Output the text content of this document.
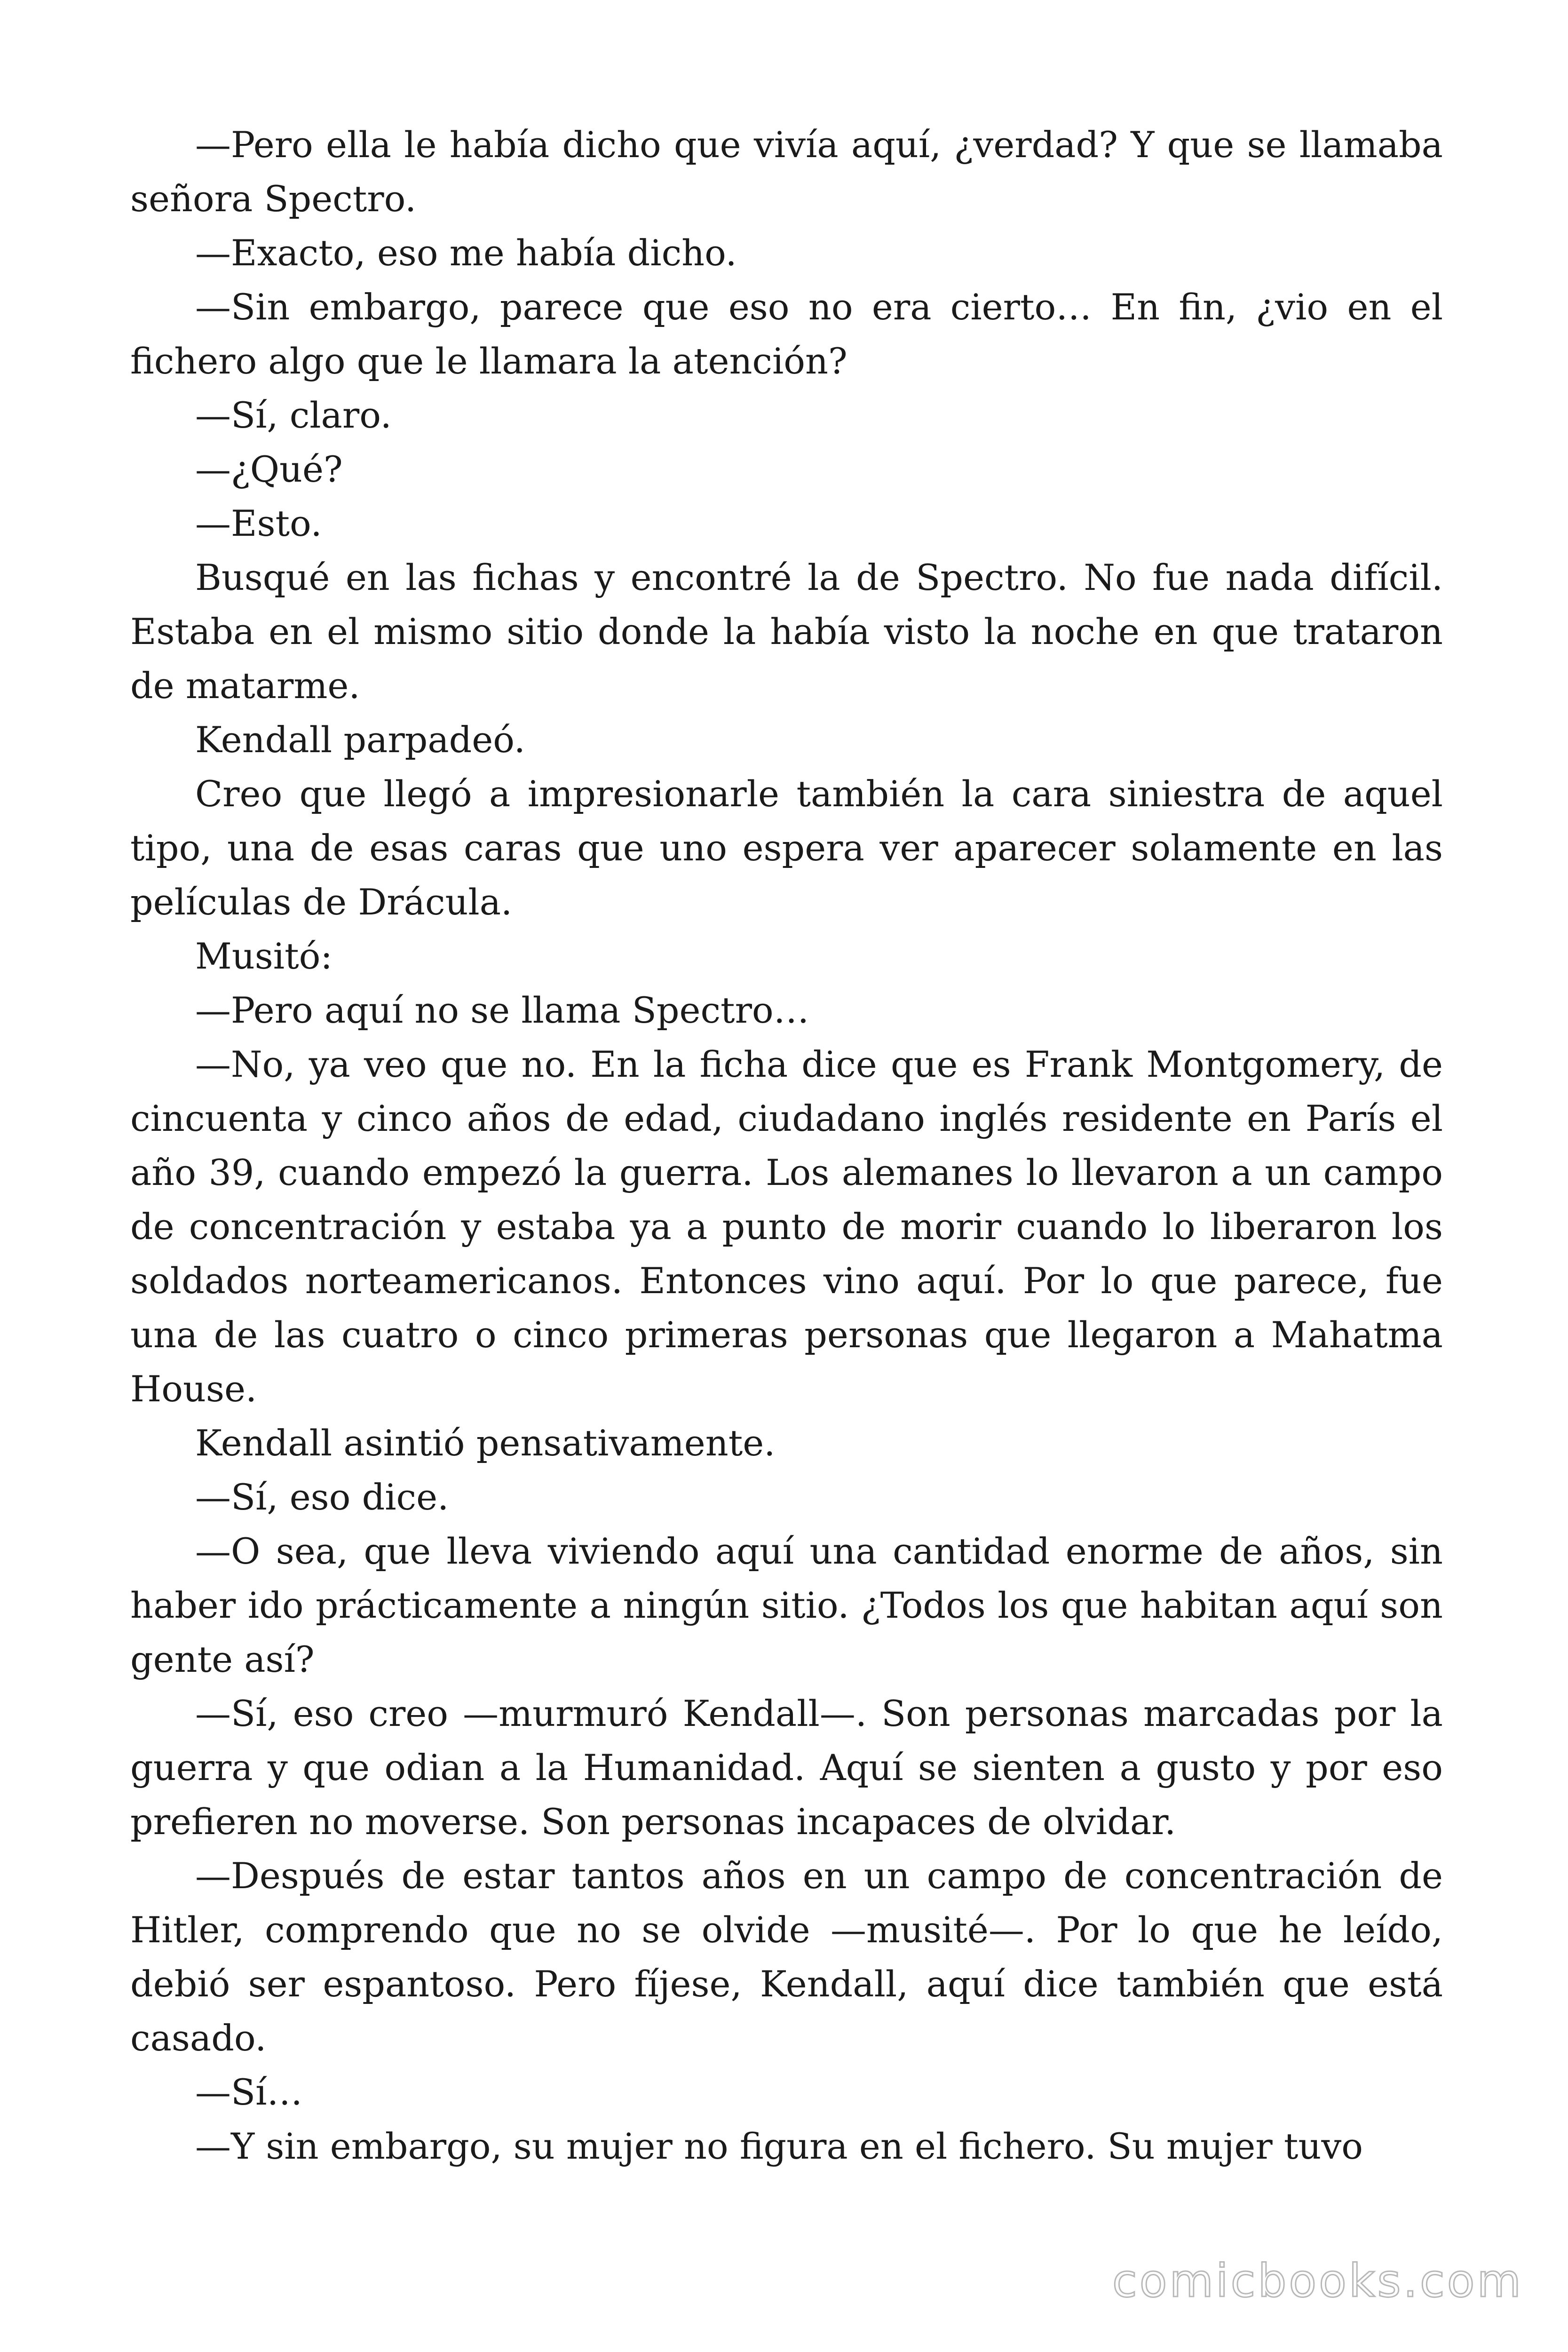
—Pero ella le había dicho que vivía aquí, ¿verdad? Y que se llamaba señora Spectro.

—Exacto, eso me había dicho.

—Sin embargo, parece que eso no era cierto… En fin, ¿vio en el fichero algo que le llamara la atención?

—Sí, claro.

—¿Qué?

—Esto.

Busqué en las fichas y encontré la de Spectro. No fue nada difícil. Estaba en el mismo sitio donde la había visto la noche en que trataron de matarme.

Kendall parpadeó.

Creo que llegó a impresionarle también la cara siniestra de aquel tipo, una de esas caras que uno espera ver aparecer solamente en las películas de Drácula.

Musitó:

—Pero aquí no se llama Spectro…

—No, ya veo que no. En la ficha dice que es Frank Montgomery, de cincuenta y cinco años de edad, ciudadano inglés residente en París el año 39, cuando empezó la guerra. Los alemanes lo llevaron a un campo de concentración y estaba ya a punto de morir cuando lo liberaron los soldados norteamericanos. Entonces vino aquí. Por lo que parece, fue una de las cuatro o cinco primeras personas que llegaron a Mahatma House.

Kendall asintió pensativamente.

—Sí, eso dice.

—O sea, que lleva viviendo aquí una cantidad enorme de años, sin haber ido prácticamente a ningún sitio. ¿Todos los que habitan aquí son gente así?

—Sí, eso creo —murmuró Kendall—. Son personas marcadas por la guerra y que odian a la Humanidad. Aquí se sienten a gusto y por eso prefieren no moverse. Son personas incapaces de olvidar.

—Después de estar tantos años en un campo de concentración de Hitler, comprendo que no se olvide —musité—. Por lo que he leído, debió ser espantoso. Pero fíjese, Kendall, aquí dice también que está casado.

—Sí…

—Y sin embargo, su mujer no figura en el fichero. Su mujer tuvo

comicbooks.com
